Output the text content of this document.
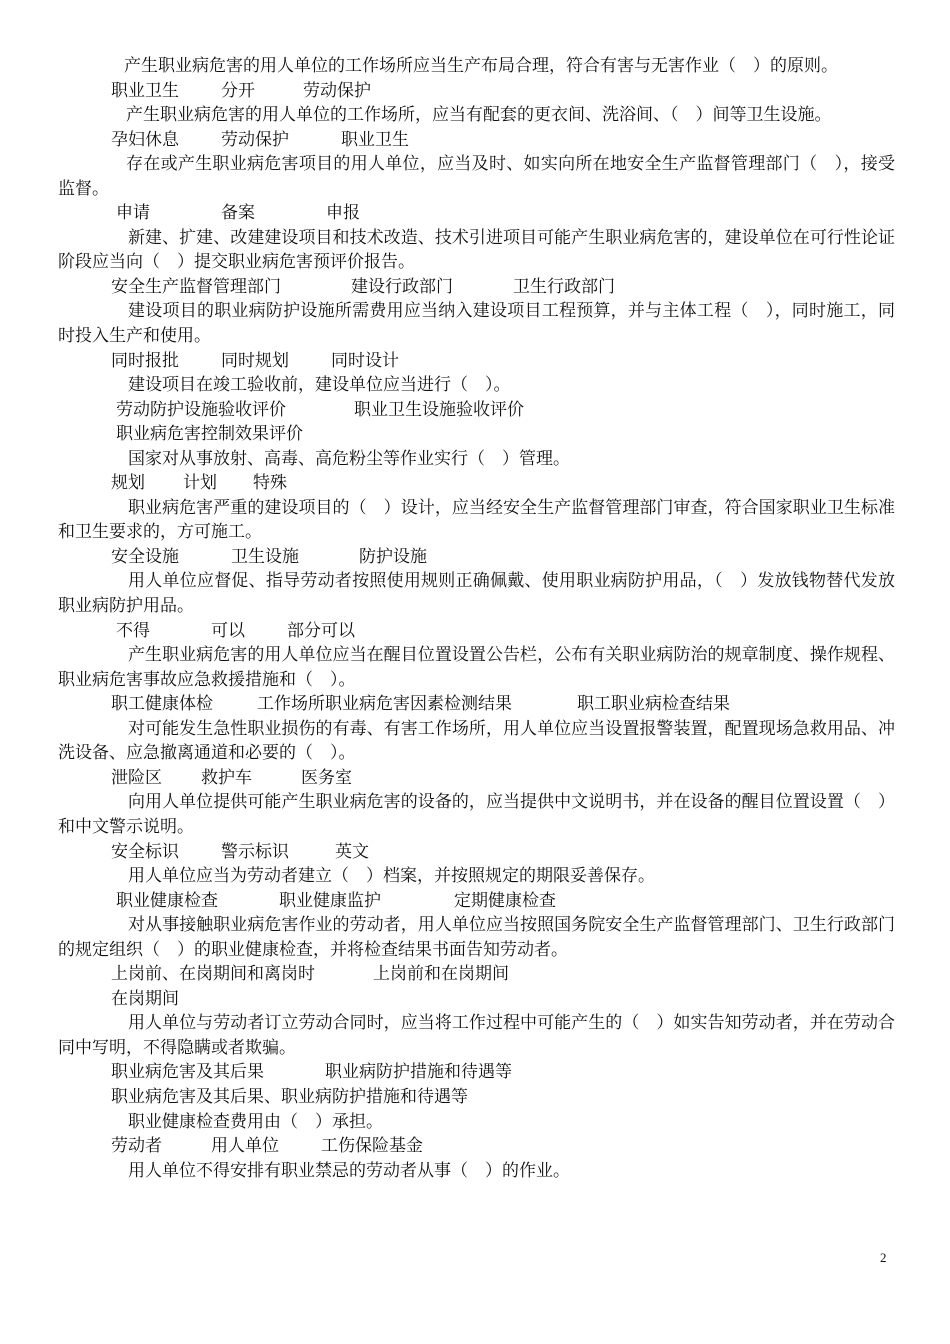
产生职业病危害的用人单位的工作场所应当生产布局合理，符合有害与无害作业（　）的原则。

职业卫生 分开	劳动保护

产生职业病危害的用人单位的工作场所，应当有配套的更衣间、洗浴间、（　）间等卫生设施。

孕妇休息 劳动保护	职业卫生

存在或产生职业病危害项目的用人单位，应当及时、如实向所在地安全生产监督管理部门（　），接受监督。

申请	备案	申报

新建、扩建、改建建设项目和技术改造、技术引进项目可能产生职业病危害的，建设单位在可行性论证阶段应当向（　）提交职业病危害预评价报告。

安全生产监督管理部门	建设行政部门	卫生行政部门

建设项目的职业病防护设施所需费用应当纳入建设项目工程预算，并与主体工程（　），同时施工，同时投入生产和使用。

同时报批 同时规划 同时设计

建设项目在竣工验收前，建设单位应当进行（　）。

劳动防护设施验收评价	职业卫生设施验收评价

职业病危害控制效果评价

国家对从事放射、高毒、高危粉尘等作业实行（　）管理。

规划 计划 特殊

职业病危害严重的建设项目的（　）设计，应当经安全生产监督管理部门审查，符合国家职业卫生标准和卫生要求的，方可施工。

安全设施	卫生设施	防护设施

用人单位应督促、指导劳动者按照使用规则正确佩戴、使用职业病防护用品，（　）发放钱物替代发放职业病防护用品。

不得	可以 部分可以

产生职业病危害的用人单位应当在醒目位置设置公告栏，公布有关职业病防治的规章制度、操作规程、职业病危害事故应急救援措施和（　）。

职工健康体检	工作场所职业病危害因素检测结果	职工职业病检查结果

对可能发生急性职业损伤的有毒、有害工作场所，用人单位应当设置报警装置，配置现场急救用品、冲洗设备、应急撤离通道和必要的（　）。

泄险区 救护车	医务室

向用人单位提供可能产生职业病危害的设备的，应当提供中文说明书，并在设备的醒目位置设置（　）和中文警示说明。

安全标识 警示标识	英文

用人单位应当为劳动者建立（　）档案，并按照规定的期限妥善保存。

职业健康检查	职业健康监护	定期健康检查

对从事接触职业病危害作业的劳动者，用人单位应当按照国务院安全生产监督管理部门、卫生行政部门的规定组织（　）的职业健康检查，并将检查结果书面告知劳动者。

上岗前、在岗期间和离岗时	上岗前和在岗期间

在岗期间

用人单位与劳动者订立劳动合同时，应当将工作过程中可能产生的（　）如实告知劳动者，并在劳动合同中写明，不得隐瞒或者欺骗。

职业病危害及其后果	职业病防护措施和待遇等

职业病危害及其后果、职业病防护措施和待遇等

职业健康检查费用由（　）承担。

劳动者	用人单位 工伤保险基金

用人单位不得安排有职业禁忌的劳动者从事（　）的作业。

2
